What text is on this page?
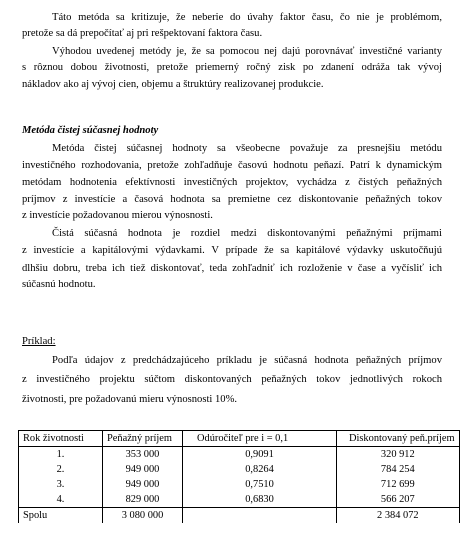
Táto metóda sa kritizuje, že neberie do úvahy faktor času, čo nie je problémom,
pretože sa dá prepočítať aj pri rešpektovaní faktora času.
Výhodou uvedenej metódy je, že sa pomocou nej dajú porovnávať investičné varianty
s rôznou dobou životnosti, pretože priemerný ročný zisk po zdanení odráža tak vývoj
nákladov ako aj vývoj cien, objemu a štruktúry realizovanej produkcie.
Metóda čistej súčasnej hodnoty
Metóda čistej súčasnej hodnoty sa všeobecne považuje za presnejšiu metódu
investičného rozhodovania, pretože zohľadňuje časovú hodnotu peňazí. Patrí k dynamickým
metódam hodnotenia efektívnosti investičných projektov, vychádza z čistých peňažných
príjmov z investície a časová hodnota sa premietne cez diskontovanie peňažných tokov
z investície požadovanou mierou výnosnosti.
Čistá súčasná hodnota je rozdiel medzi diskontovanými peňažnými príjmami
z investície a kapitálovými výdavkami. V prípade že sa kapitálové výdavky uskutočňujú
dlhšiu dobru, treba ich tiež diskontovať, teda zohľadniť ich rozloženie v čase a vyčísliť ich
súčasnú hodnotu.
Príklad:
Podľa údajov z predchádzajúceho príkladu je súčasná hodnota peňažných príjmov
z investičného projektu súčtom diskontovaných peňažných tokov jednotlivých rokoch
životnosti, pre požadovanú mieru výnosnosti 10%.
Rok životnosti	Peňažný príjem	Odúročiteľ pre i = 0,1	Diskontovaný peň.príjem
1.	353 000	0,9091	320 912
2.	949 000	0,8264	784 254
3.	949 000	0,7510	712 699
4.	829 000	0,6830	566 207
Spolu	3 080 000		2 384 072
